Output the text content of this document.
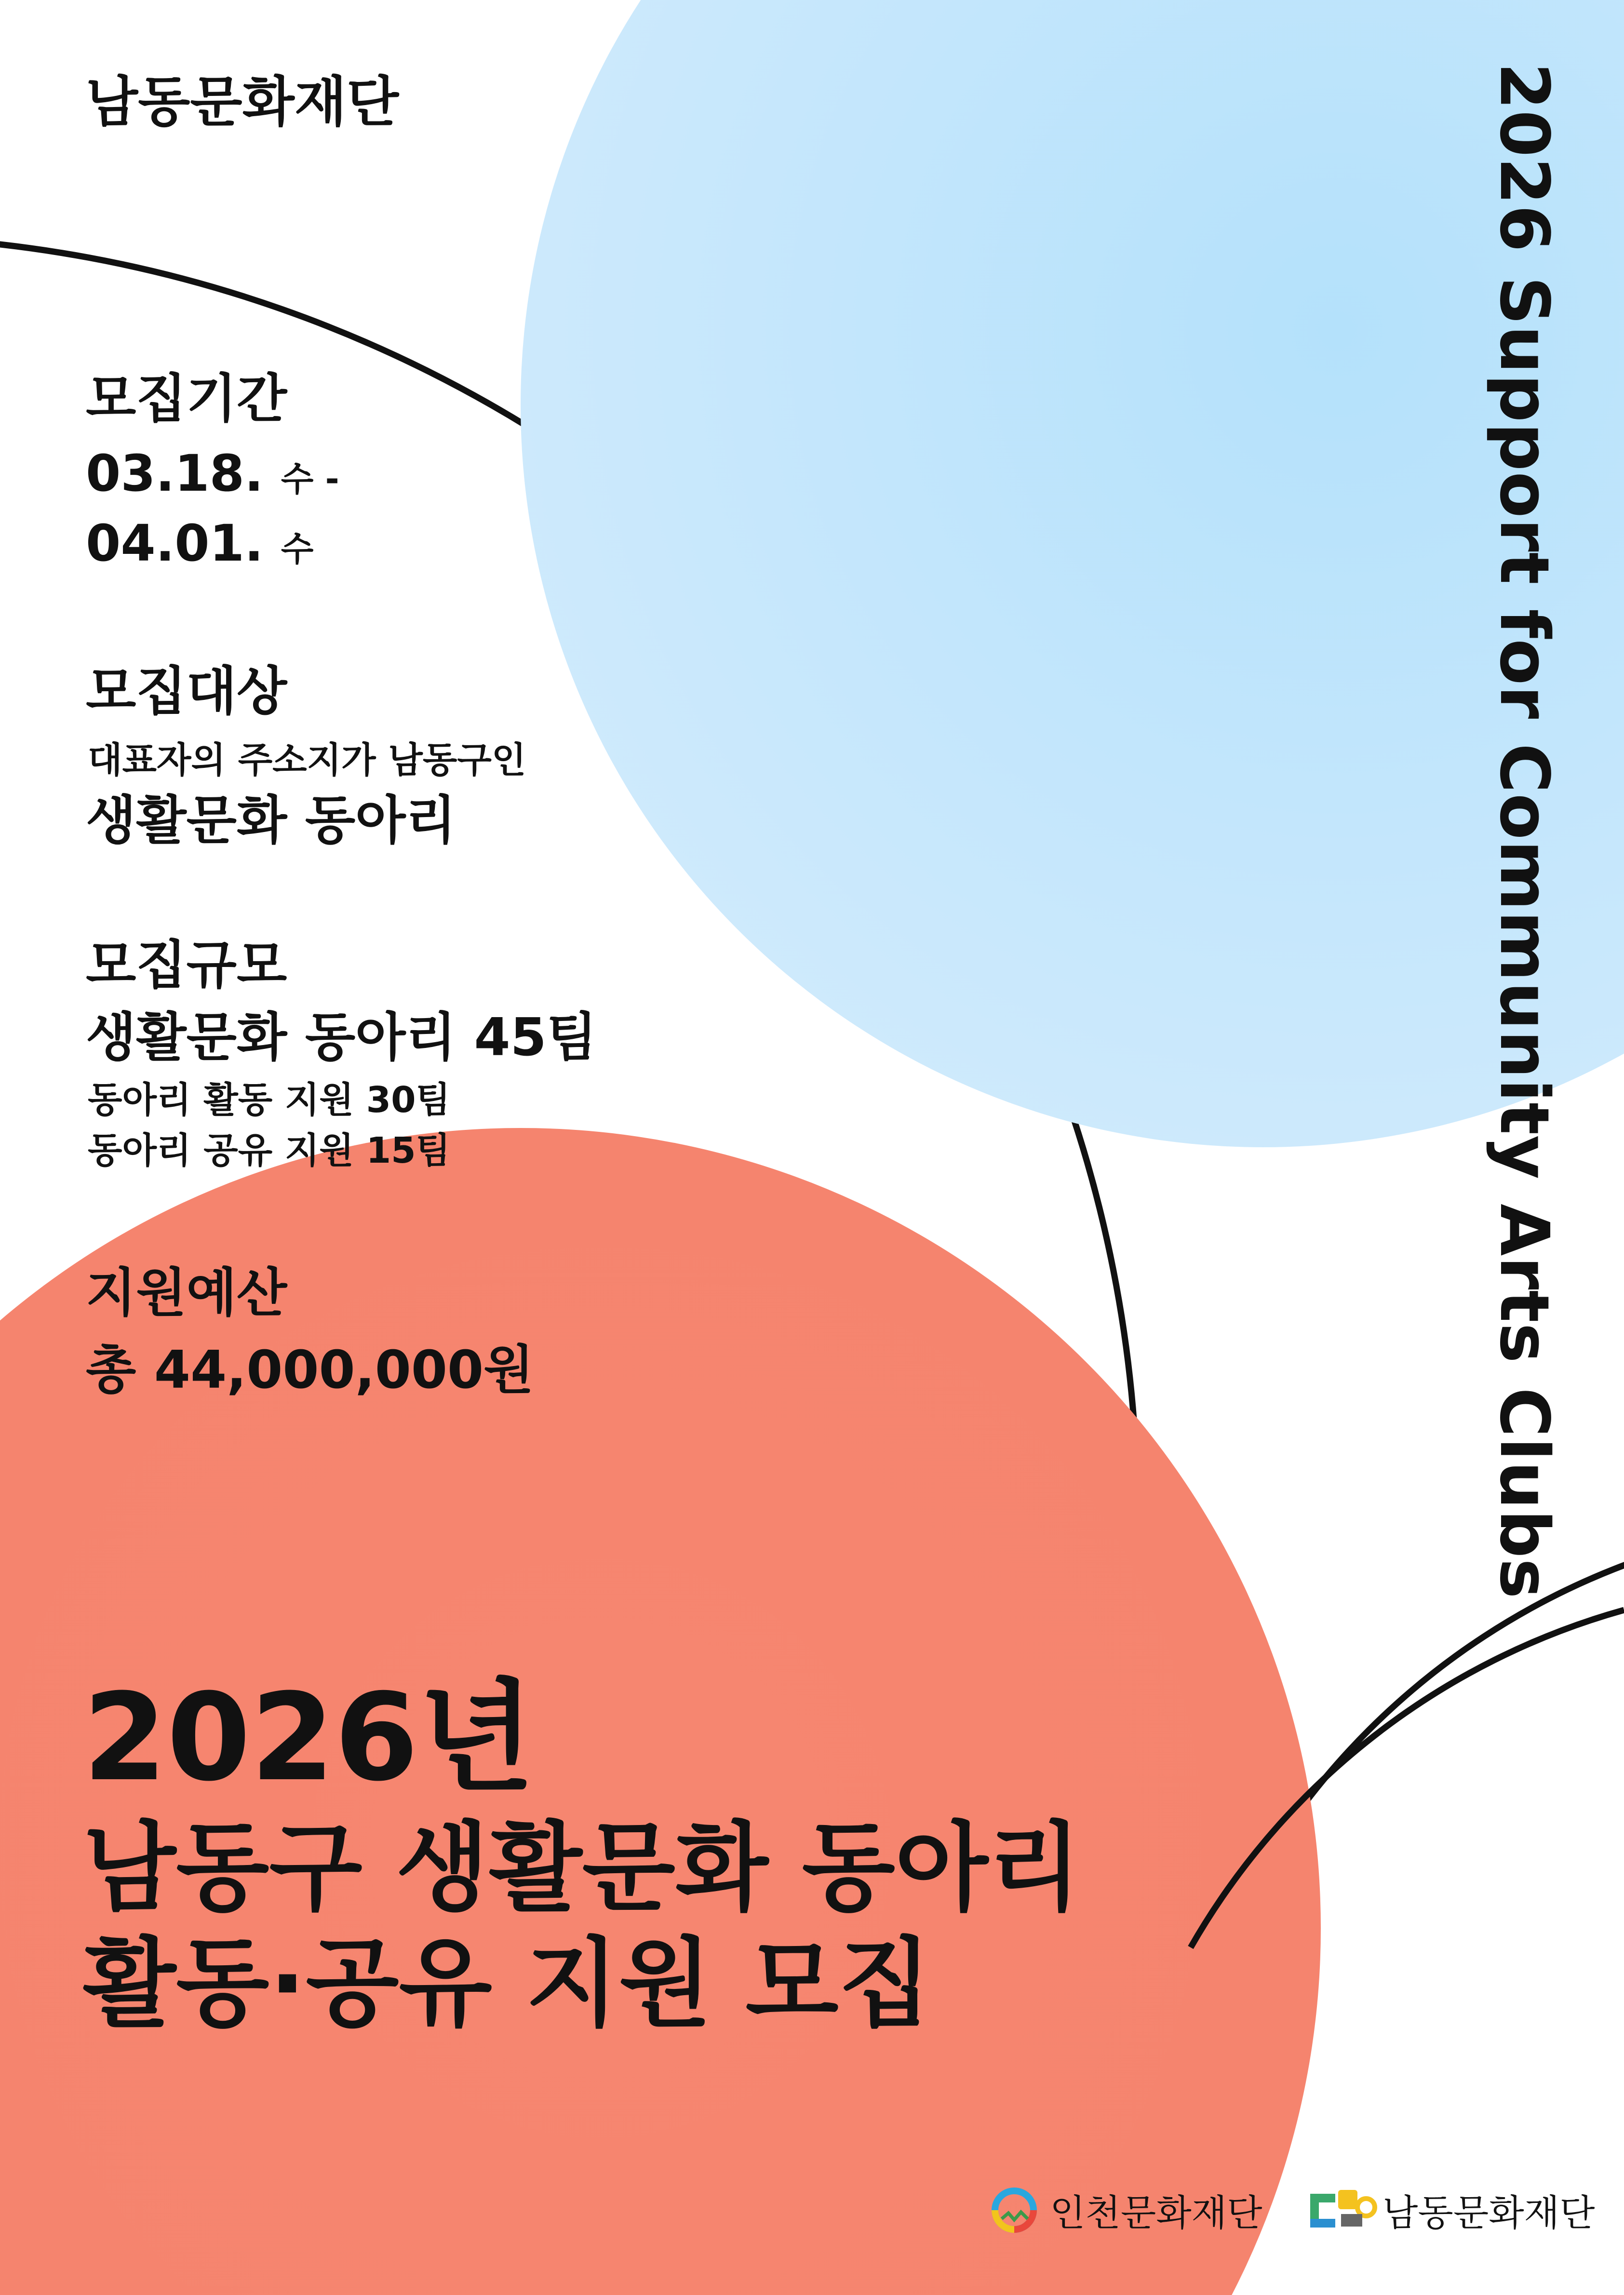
남동문화재단	2026 Support for Community Arts Clubs
모집기간
03.18. 수 -
04.01. 수
모집대상
대표자의 주소지가 남동구인
생활문화 동아리
모집규모
생활문화 동아리 45팀
동아리 활동 지원 30팀
동아리 공유 지원 15팀
지원예산
총 44,000,000원
2026년
남동구 생활문화 동아리
활동·공유 지원 모집
인천문화재단	남동문화재단
